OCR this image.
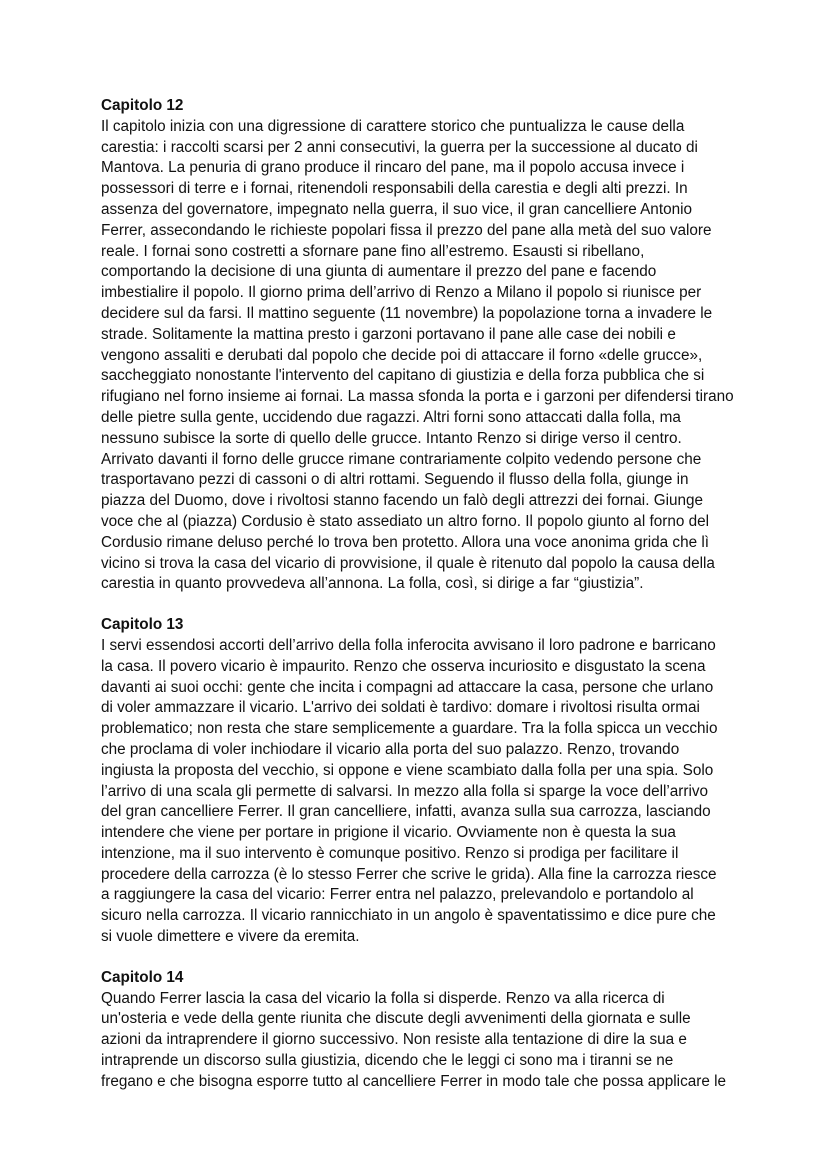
Capitolo 12
Il capitolo inizia con una digressione di carattere storico che puntualizza le cause della
carestia: i raccolti scarsi per 2 anni consecutivi, la guerra per la successione al ducato di
Mantova. La penuria di grano produce il rincaro del pane, ma il popolo accusa invece i
possessori di terre e i fornai, ritenendoli responsabili della carestia e degli alti prezzi. In
assenza del governatore, impegnato nella guerra, il suo vice, il gran cancelliere Antonio
Ferrer, assecondando le richieste popolari fissa il prezzo del pane alla metà del suo valore
reale. I fornai sono costretti a sfornare pane fino all’estremo. Esausti si ribellano,
comportando la decisione di una giunta di aumentare il prezzo del pane e facendo
imbestialire il popolo. Il giorno prima dell’arrivo di Renzo a Milano il popolo si riunisce per
decidere sul da farsi. Il mattino seguente (11 novembre) la popolazione torna a invadere le
strade. Solitamente la mattina presto i garzoni portavano il pane alle case dei nobili e
vengono assaliti e derubati dal popolo che decide poi di attaccare il forno «delle grucce»,
saccheggiato nonostante l'intervento del capitano di giustizia e della forza pubblica che si
rifugiano nel forno insieme ai fornai. La massa sfonda la porta e i garzoni per difendersi tirano
delle pietre sulla gente, uccidendo due ragazzi. Altri forni sono attaccati dalla folla, ma
nessuno subisce la sorte di quello delle grucce. Intanto Renzo si dirige verso il centro.
Arrivato davanti il forno delle grucce rimane contrariamente colpito vedendo persone che
trasportavano pezzi di cassoni o di altri rottami. Seguendo il flusso della folla, giunge in
piazza del Duomo, dove i rivoltosi stanno facendo un falò degli attrezzi dei fornai. Giunge
voce che al (piazza) Cordusio è stato assediato un altro forno. Il popolo giunto al forno del
Cordusio rimane deluso perché lo trova ben protetto. Allora una voce anonima grida che lì
vicino si trova la casa del vicario di provvisione, il quale è ritenuto dal popolo la causa della
carestia in quanto provvedeva all’annona. La folla, così, si dirige a far “giustizia”.
Capitolo 13
I servi essendosi accorti dell’arrivo della folla inferocita avvisano il loro padrone e barricano
la casa. Il povero vicario è impaurito. Renzo che osserva incuriosito e disgustato la scena
davanti ai suoi occhi: gente che incita i compagni ad attaccare la casa, persone che urlano
di voler ammazzare il vicario. L'arrivo dei soldati è tardivo: domare i rivoltosi risulta ormai
problematico; non resta che stare semplicemente a guardare. Tra la folla spicca un vecchio
che proclama di voler inchiodare il vicario alla porta del suo palazzo. Renzo, trovando
ingiusta la proposta del vecchio, si oppone e viene scambiato dalla folla per una spia. Solo
l’arrivo di una scala gli permette di salvarsi. In mezzo alla folla si sparge la voce dell’arrivo
del gran cancelliere Ferrer. Il gran cancelliere, infatti, avanza sulla sua carrozza, lasciando
intendere che viene per portare in prigione il vicario. Ovviamente non è questa la sua
intenzione, ma il suo intervento è comunque positivo. Renzo si prodiga per facilitare il
procedere della carrozza (è lo stesso Ferrer che scrive le grida). Alla fine la carrozza riesce
a raggiungere la casa del vicario: Ferrer entra nel palazzo, prelevandolo e portandolo al
sicuro nella carrozza. Il vicario rannicchiato in un angolo è spaventatissimo e dice pure che
si vuole dimettere e vivere da eremita.
Capitolo 14
Quando Ferrer lascia la casa del vicario la folla si disperde. Renzo va alla ricerca di
un'osteria e vede della gente riunita che discute degli avvenimenti della giornata e sulle
azioni da intraprendere il giorno successivo. Non resiste alla tentazione di dire la sua e
intraprende un discorso sulla giustizia, dicendo che le leggi ci sono ma i tiranni se ne
fregano e che bisogna esporre tutto al cancelliere Ferrer in modo tale che possa applicare le
